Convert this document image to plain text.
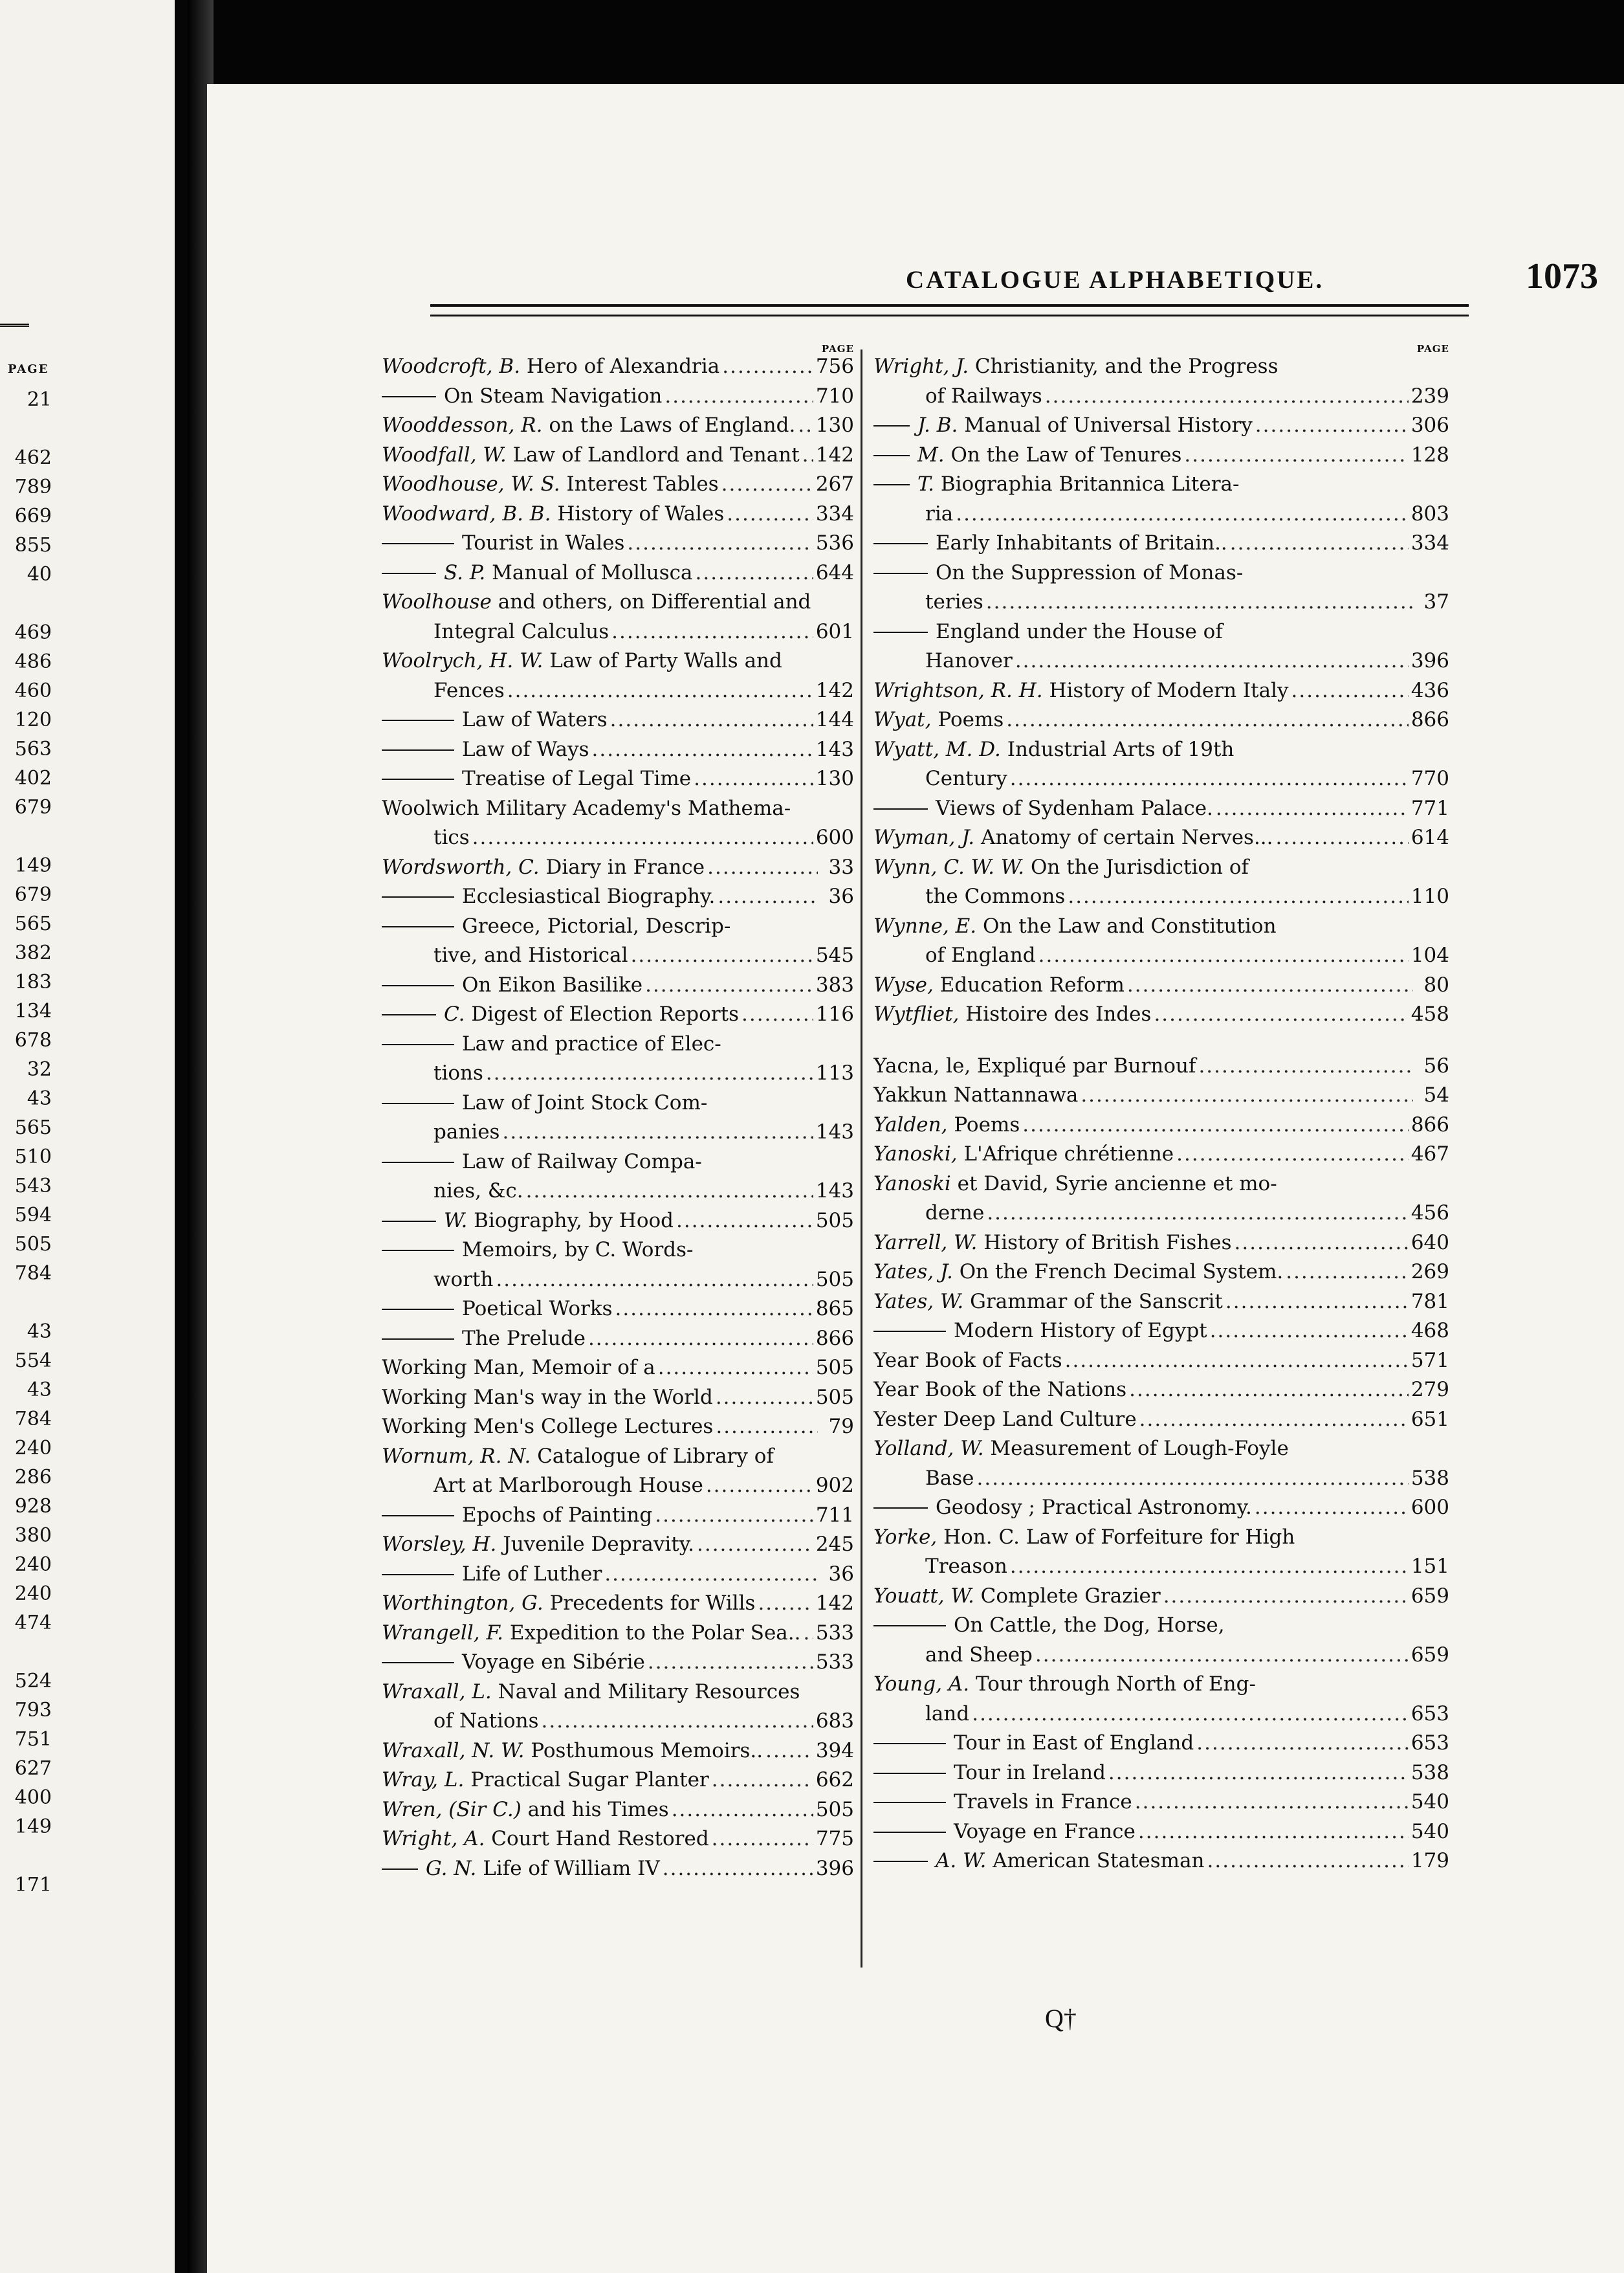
PAGE
21
462
789
669
855
40
469
486
460
120
563
402
679
149
679
565
382
183
134
678
32
43
565
510
543
594
505
784
43
554
43
784
240
286
928
380
240
240
474
524
793
751
627
400
149
171
CATALOGUE ALPHABETIQUE.	1073
PAGE
Woodcroft, B.
Hero of Alexandria .....	756
On Steam Navigation .....	710
Wooddesson, R.
on the Laws of England. ..... 130
Woodfall, W.
Law of Landlord and Tenant ..... 142
Woodhouse, W. S.
Interest Tables .....	267
Woodward, B. B.
History of Wales .....	334
Tourist in Wales .....	536
S. P.
Manual of Mollusca .....	644
Woolhouse
and others, on Differential and
Integral Calculus .....	601
Woolrych, H. W.
Law of Party Walls and
Fences .....	142
Law of Waters .....	144
Law of Ways .....	143
Treatise of Legal Time .....	130
Woolwich Military Academy's Mathema-
tics .....	600
Wordsworth, C.
Diary in France .....	33
Ecclesiastical Biography. .....	36
Greece, Pictorial, Descrip-
tive, and Historical .....	545
On Eikon Basilike .....	383
C.
Digest of Election Reports .....	116
Law and practice of Elec-
tions .....	113
Law of Joint Stock Com-
panies .....	143
Law of Railway Compa-
nies, &c. .....	143
W.
Biography, by Hood .....	505
Memoirs, by C. Words-
worth .....	505
Poetical Works .....	865
The Prelude .....	866
Working Man, Memoir of a .....	505
Working Man's way in the World .....	505
Working Men's College Lectures .....	79
Wornum, R. N.
Catalogue of Library of
Art at Marlborough House .....	902
Epochs of Painting .....	711
Worsley, H.
Juvenile Depravity. .....	245
Life of Luther .....	36
Worthington, G.
Precedents for Wills .....	142
Wrangell, F.
Expedition to the Polar Sea.. ..... 533
Voyage en Sibérie .....	533
Wraxall, L.
Naval and Military Resources
of Nations .....	683
Wraxall, N. W.
Posthumous Memoirs.. .....	394
Wray, L.
Practical Sugar Planter .....	662
Wren, (Sir C.)
and his Times .....	505
Wright, A.
Court Hand Restored .....	775
G. N.
Life of William IV .....	396
PAGE
Wright, J.
Christianity, and the Progress
of Railways .....	239
J. B.
Manual of Universal History .....	306
M.
On the Law of Tenures .....	128
T.
Biographia Britannica Litera-
ria .....	803
Early Inhabitants of Britain.. .....	334
On the Suppression of Monas-
teries .....	37
England under the House of
Hanover .....	396
Wrightson, R. H.
History of Modern Italy .....	436
Wyat,
Poems .....	866
Wyatt, M. D.
Industrial Arts of 19th
Century .....	770
Views of Sydenham Palace. .....	771
Wyman, J.
Anatomy of certain Nerves... .....	614
Wynn, C. W. W.
On the Jurisdiction of
the Commons .....	110
Wynne, E.
On the Law and Constitution
of England .....	104
Wyse,
Education Reform .....	80
Wytfliet,
Histoire des Indes .....	458
Yacna, le, Expliqué par Burnouf .....	56
Yakkun Nattannawa .....	54
Yalden,
Poems .....	866
Yanoski,
L'Afrique chrétienne .....	467
Yanoski
et David, Syrie ancienne et mo-
derne .....	456
Yarrell, W.
History of British Fishes .....	640
Yates, J.
On the French Decimal System. .....	269
Yates, W.
Grammar of the Sanscrit .....	781
Modern History of Egypt .....	468
Year Book of Facts .....	571
Year Book of the Nations .....	279
Yester Deep Land Culture .....	651
Yolland, W.
Measurement of Lough-Foyle
Base .....	538
Geodosy ; Practical Astronomy. .....	600
Yorke,
Hon. C. Law of Forfeiture for High
Treason .....	151
Youatt, W.
Complete Grazier .....	659
On Cattle, the Dog, Horse,
and Sheep .....	659
Young, A.
Tour through North of Eng-
land .....	653
Tour in East of England .....	653
Tour in Ireland .....	538
Travels in France .....	540
Voyage en France .....	540
A. W.
American Statesman .....	179
Q†
